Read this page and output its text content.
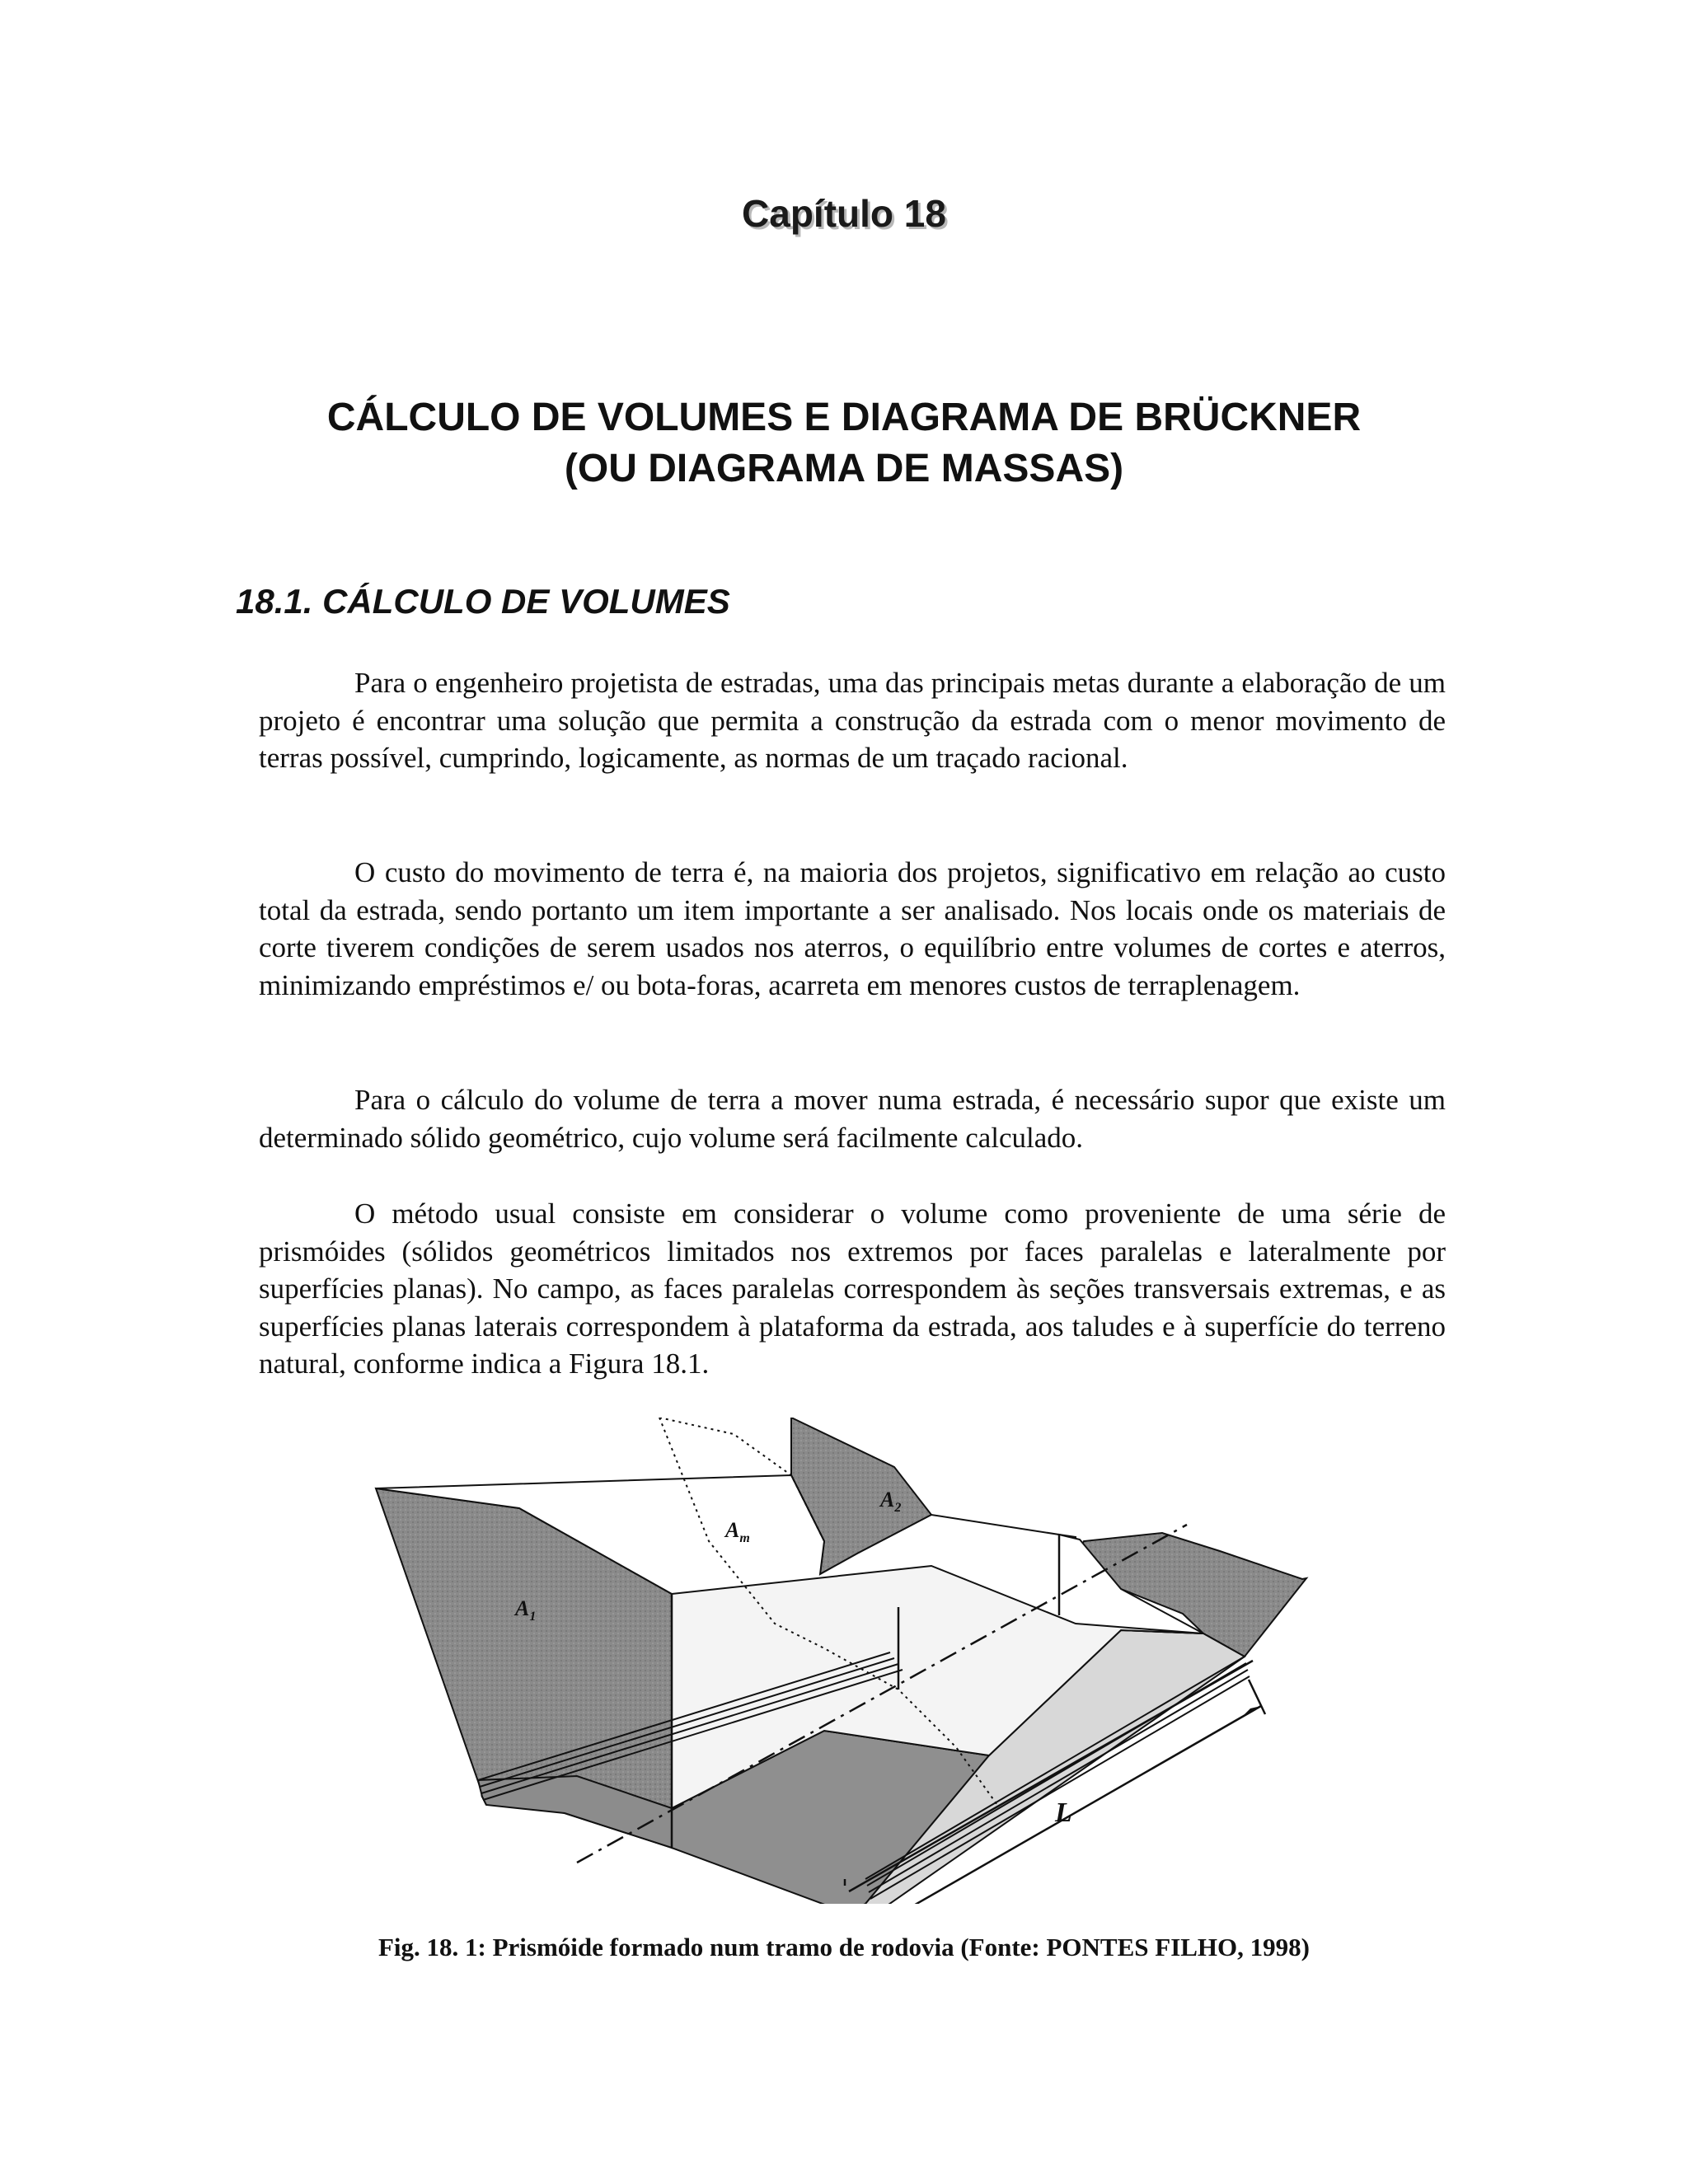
Capítulo 18
CÁLCULO DE VOLUMES E DIAGRAMA DE BRÜCKNER
(OU DIAGRAMA DE MASSAS)
18.1. CÁLCULO DE VOLUMES

Para o engenheiro projetista de estradas, uma das principais metas durante a elaboração de um projeto é encontrar uma solução que permita a construção da estrada com o menor movimento de terras possível, cumprindo, logicamente, as normas de um traçado racional.

O custo do movimento de terra é, na maioria dos projetos, significativo em relação ao custo total da estrada, sendo portanto um item importante a ser analisado. Nos locais onde os materiais de corte tiverem condições de serem usados nos aterros, o equilíbrio entre volumes de cortes e aterros, minimizando empréstimos e/ ou bota-foras, acarreta em menores custos de terraplenagem.

Para o cálculo do volume de terra a mover numa estrada, é necessário supor que existe um determinado sólido geométrico, cujo volume será facilmente calculado.

O método usual consiste em considerar o volume como proveniente de uma série de prismóides (sólidos geométricos limitados nos extremos por faces paralelas e lateralmente por superfícies planas). No campo, as faces paralelas correspondem às seções transversais extremas, e as superfícies planas laterais correspondem à plataforma da estrada, aos taludes e à superfície do terreno natural, conforme indica a Figura 18.1.

$A_1$
$A_2$
$A_m$
L
Fig. 18. 1: Prismóide formado num tramo de rodovia (Fonte: PONTES FILHO, 1998)
